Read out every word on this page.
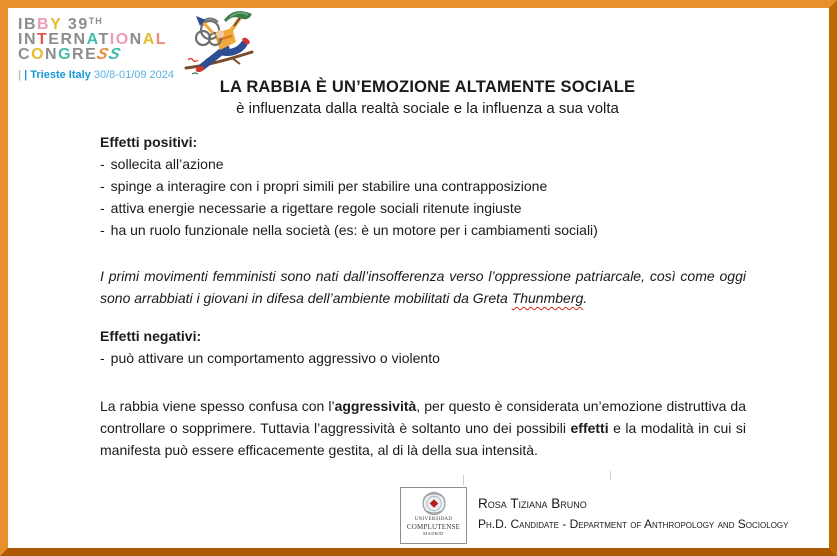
IBBY 39TH
INTERNATIONAL
CONGRESS
| | Trieste Italy 30/8-01/09 2024
LA RABBIA È UN’EMOZIONE ALTAMENTE SOCIALE
è influenzata dalla realtà sociale e la influenza a sua volta
Effetti positivi:
- sollecita all’azione
- spinge a interagire con i propri simili per stabilire una contrapposizione
- attiva energie necessarie a rigettare regole sociali ritenute ingiuste
- ha un ruolo funzionale nella società (es: è un motore per i cambiamenti sociali)
I primi movimenti femministi sono nati dall’insofferenza verso l’oppressione patriarcale, così come oggi sono arrabbiati i giovani in difesa dell’ambiente mobilitati da Greta Thunmberg.
Effetti negativi:
- può attivare un comportamento aggressivo o violento
La rabbia viene spesso confusa con l’aggressività, per questo è considerata un’emozione distruttiva da controllare o sopprimere. Tuttavia l’aggressività è soltanto uno dei possibili effetti e la modalità in cui si manifesta può essere efficacemente gestita, al di là della sua intensità.
UNIVERSIDAD
COMPLUTENSE
MADRID
Rosa Tiziana Bruno
Ph.D. Candidate - Department of Anthropology and Sociology
